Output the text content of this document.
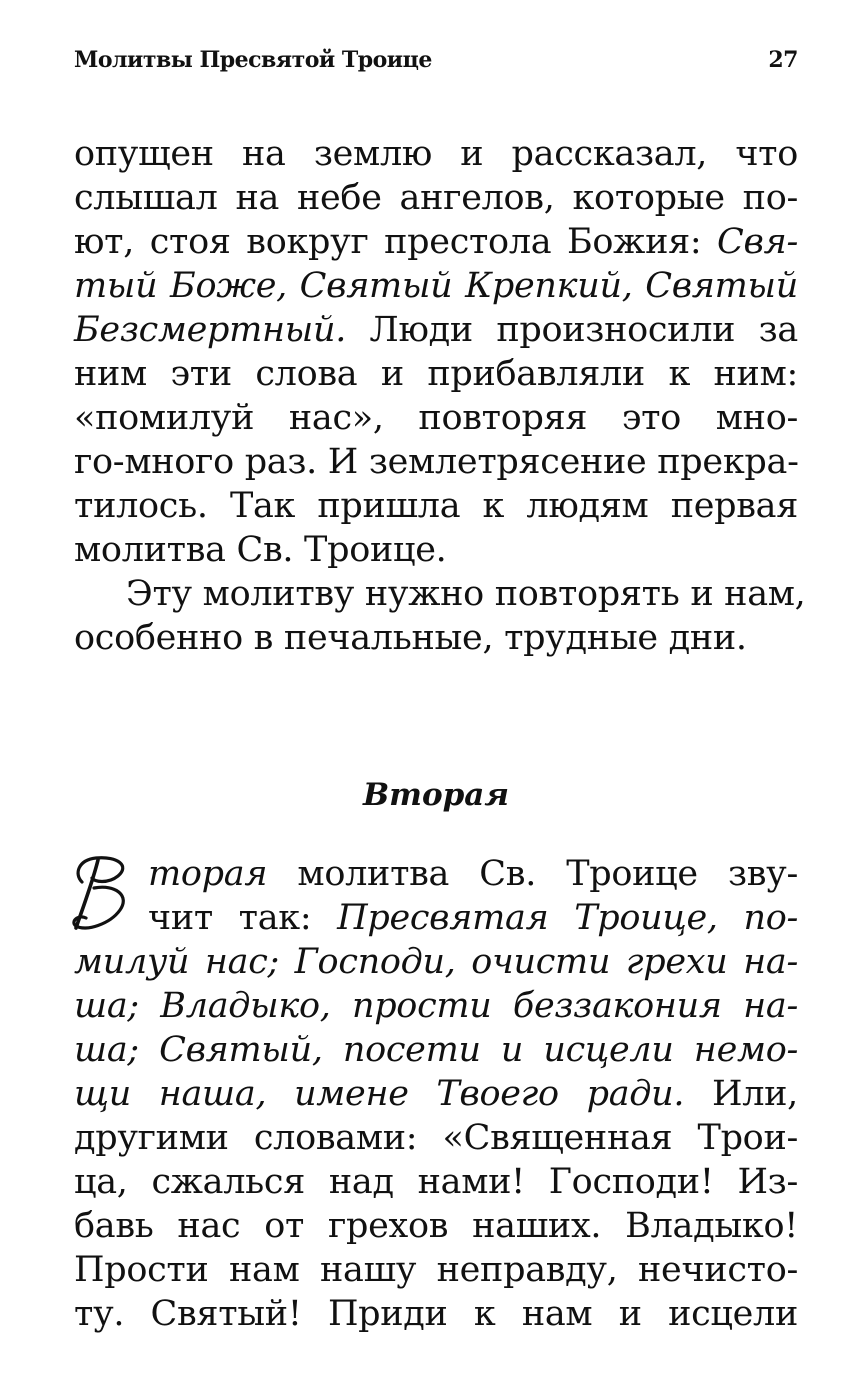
Молитвы Пресвятой Троице	27
опущен на землю и рассказал, что
слышал на небе ангелов, которые по-
ют, стоя вокруг престола Божия: Свя-
тый Боже, Святый Крепкий, Святый
Безсмертный. Люди произносили за
ним эти слова и прибавляли к ним:
«помилуй нас», повторяя это мно-
го-много раз. И землетрясение прекра-
тилось. Так пришла к людям первая
молитва Св. Троице.
Эту молитву нужно повторять и нам,
особенно в печальные, трудные дни.
Вторая
торая молитва Св. Троице зву-
чит так: Пресвятая Троице, по-
милуй нас; Господи, очисти грехи на-
ша; Владыко, прости беззакония на-
ша; Святый, посети и исцели немо-
щи наша, имене Твоего ради. Или,
другими словами: «Священная Трои-
ца, сжалься над нами! Господи! Из-
бавь нас от грехов наших. Владыко!
Прости нам нашу неправду, нечисто-
ту. Святый! Приди к нам и исцели
